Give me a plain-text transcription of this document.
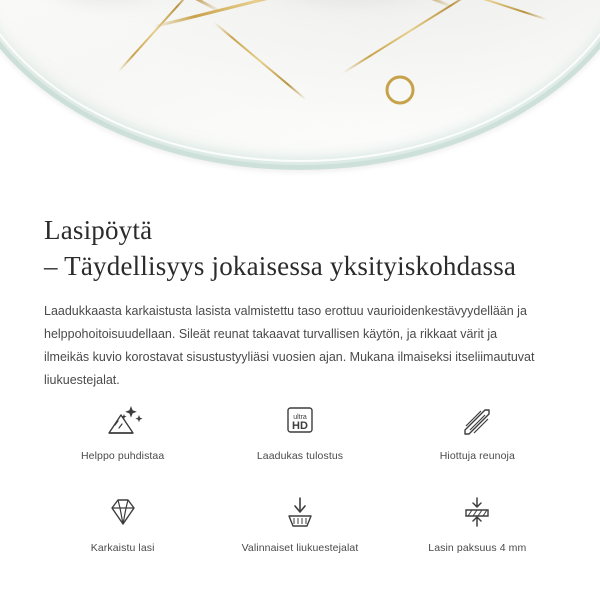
Lasipöytä
– Täydellisyys jokaisessa yksityiskohdassa

Laadukkaasta karkaistusta lasista valmistettu taso erottuu vaurioidenkestävyydellään ja helppohoitoisuudellaan. Sileät reunat takaavat turvallisen käytön, ja rikkaat värit ja ilmeikäs kuvio korostavat sisustustyyliäsi vuosien ajan. Mukana ilmaiseksi itseliimautuvat liukuestejalat.

Helppo puhdistaa
ultra
HD
Laadukas tulostus	Hiottuja reunoja
Karkaistu lasi	Valinnaiset liukuestejalat	Lasin paksuus 4 mm
